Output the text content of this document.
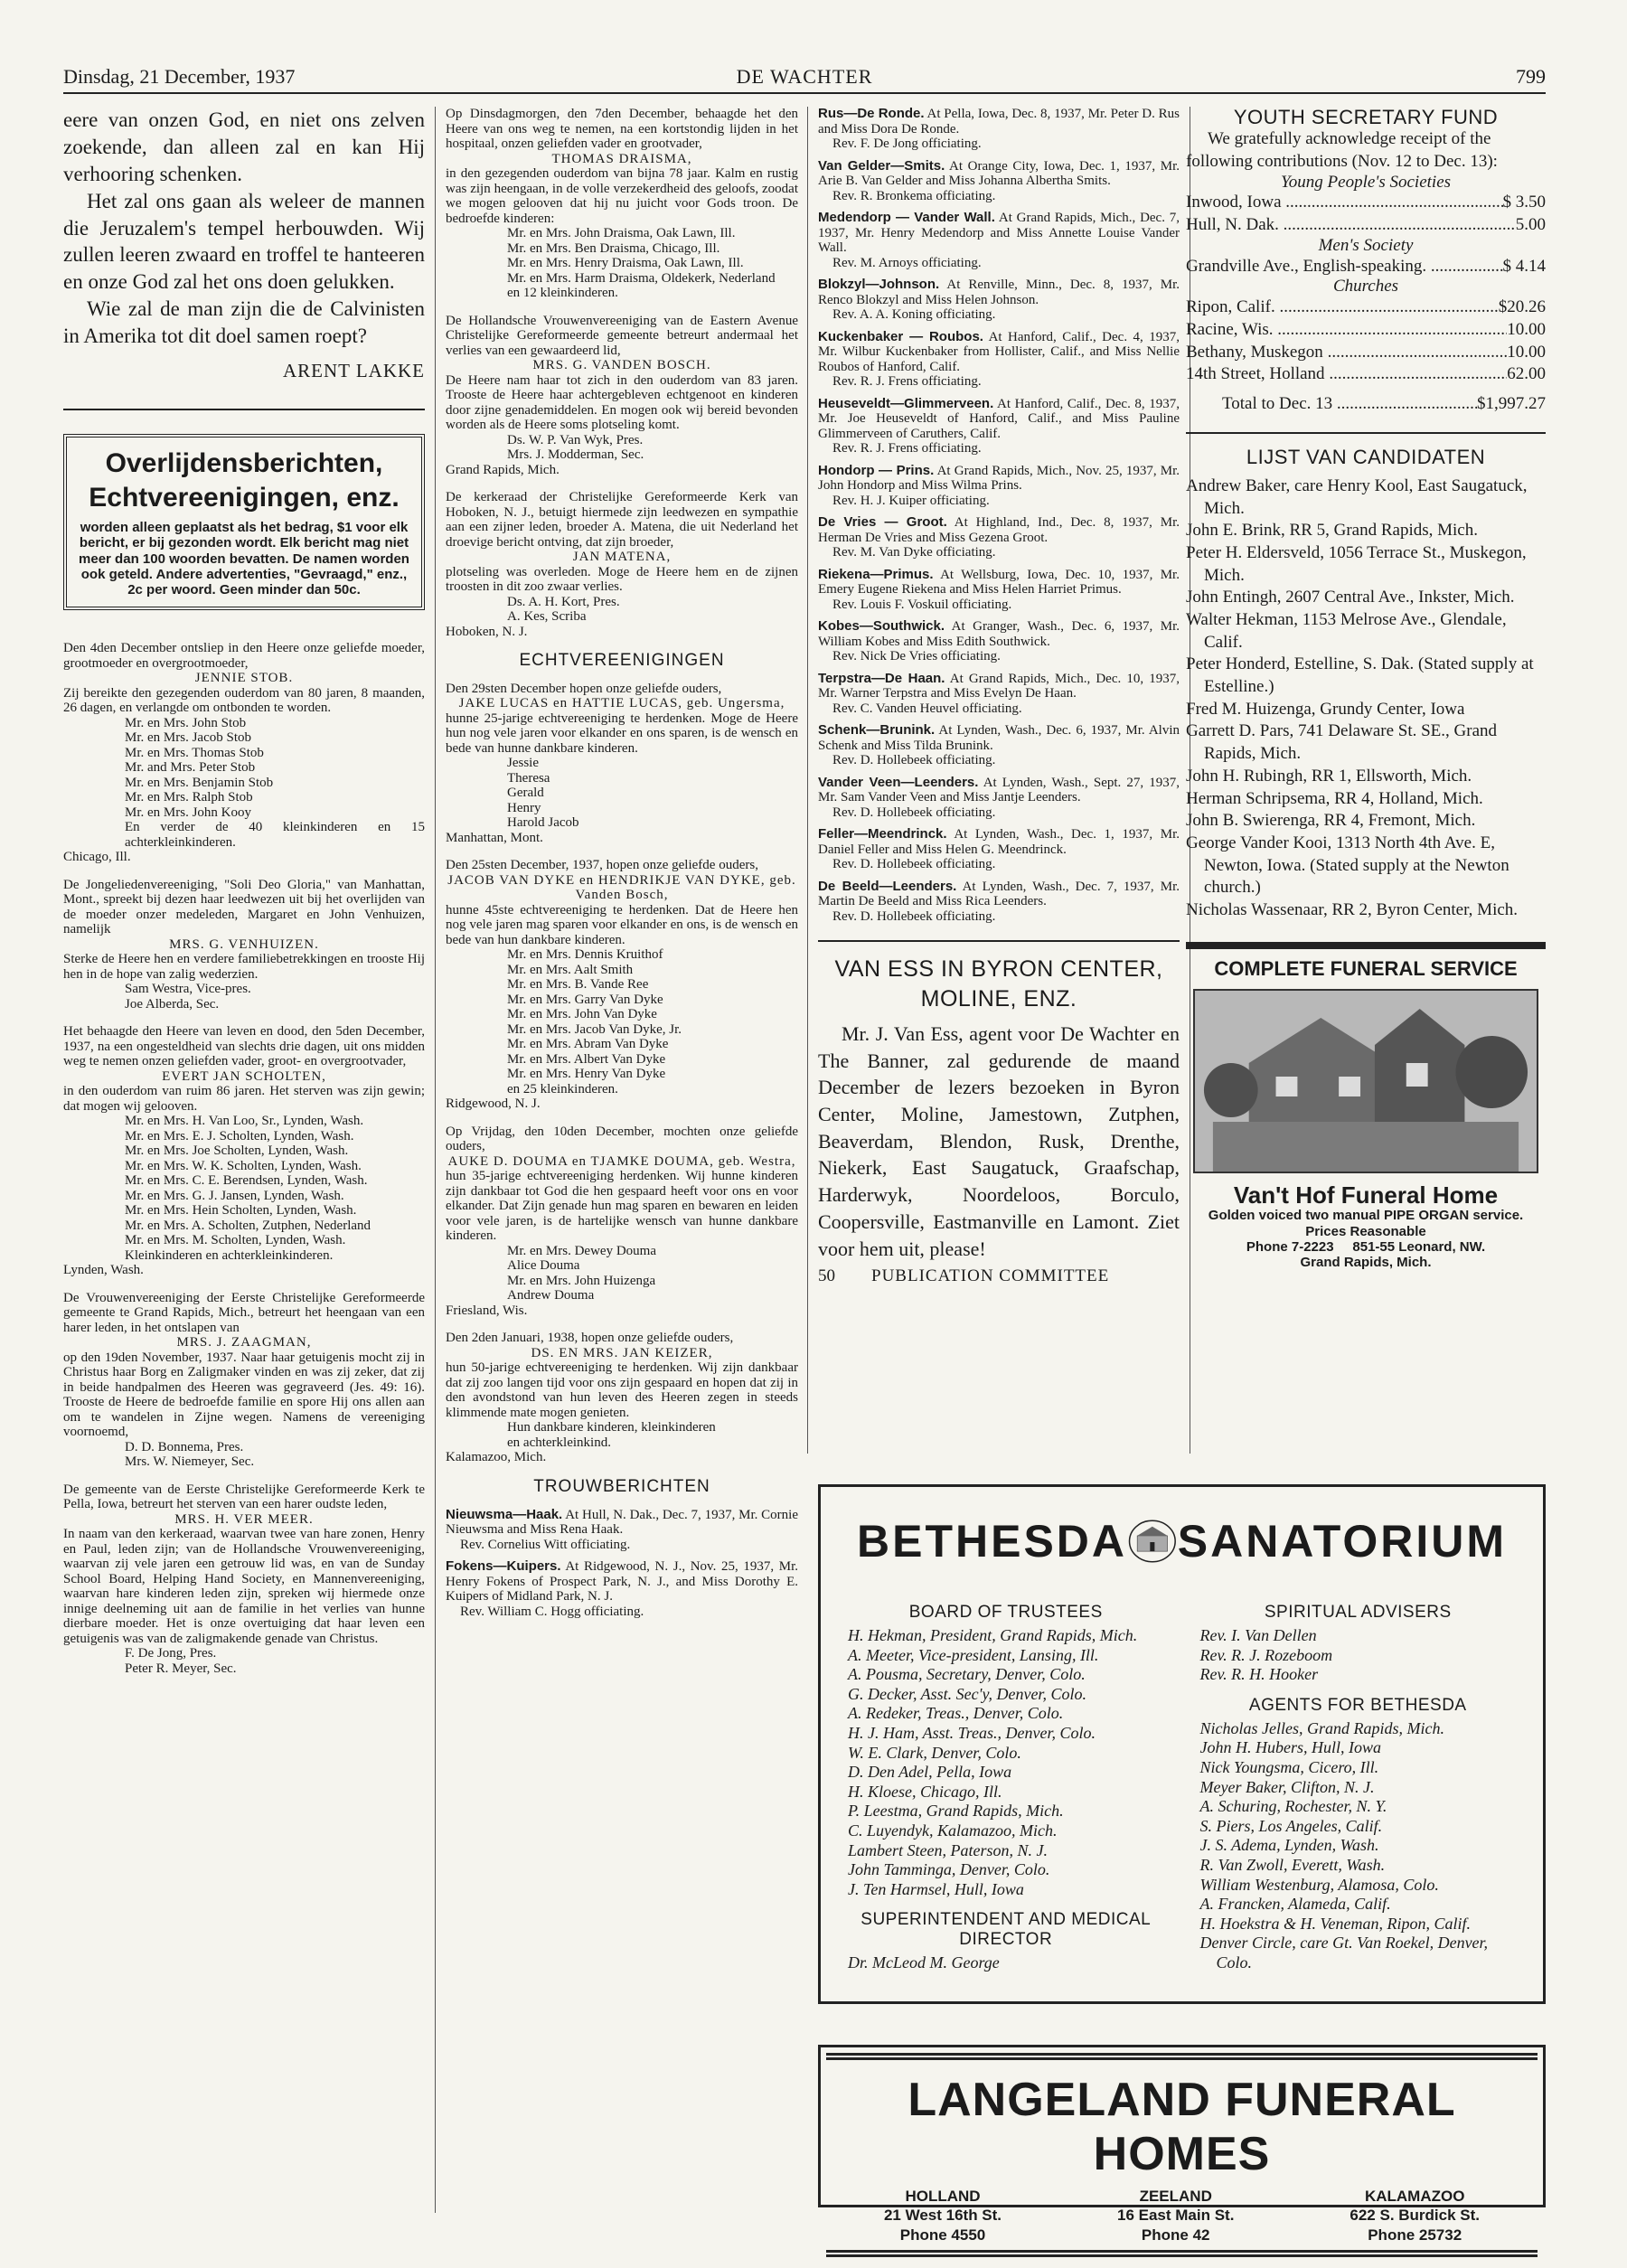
Dinsdag, 21 December, 1937	DE WACHTER	799

eere van onzen God, en niet ons zelven zoekende, dan alleen zal en kan Hij verhooring schenken.

Het zal ons gaan als weleer de mannen die Jeruzalem's tempel herbouwden. Wij zullen leeren zwaard en troffel te hanteeren en onze God zal het ons doen gelukken.

Wie zal de man zijn die de Calvinisten in Amerika tot dit doel samen roept?

ARENT LAKKE
Overlijdensberichten, Echtvereenigingen, enz.
worden alleen geplaatst als het bedrag, $1 voor elk bericht, er bij gezonden wordt. Elk bericht mag niet meer dan 100 woorden bevatten. De namen worden ook geteld. Andere advertenties, "Gevraagd," enz., 2c per woord. Geen minder dan 50c.
Den 4den December ontsliep in den Heere onze geliefde moeder, grootmoeder en overgrootmoeder,
JENNIE STOB.
Zij bereikte den gezegenden ouderdom van 80 jaren, 8 maanden, 26 dagen, en verlangde om ontbonden te worden.
Mr. en Mrs. John Stob
Mr. en Mrs. Jacob Stob
Mr. en Mrs. Thomas Stob
Mr. and Mrs. Peter Stob
Mr. en Mrs. Benjamin Stob
Mr. en Mrs. Ralph Stob
Mr. en Mrs. John Kooy
En verder de 40 kleinkinderen en 15 achterkleinkinderen.
Chicago, Ill.
De Jongeliedenvereeniging, "Soli Deo Gloria," van Manhattan, Mont., spreekt bij dezen haar leedwezen uit bij het overlijden van de moeder onzer medeleden, Margaret en John Venhuizen, namelijk
MRS. G. VENHUIZEN.
Sterke de Heere hen en verdere familiebetrekkingen en trooste Hij hen in de hope van zalig wederzien.
Sam Westra, Vice-pres.
Joe Alberda, Sec.
Het behaagde den Heere van leven en dood, den 5den December, 1937, na een ongesteldheid van slechts drie dagen, uit ons midden weg te nemen onzen geliefden vader, groot- en overgrootvader,
EVERT JAN SCHOLTEN,
in den ouderdom van ruim 86 jaren. Het sterven was zijn gewin; dat mogen wij gelooven.
Mr. en Mrs. H. Van Loo, Sr., Lynden, Wash.
Mr. en Mrs. E. J. Scholten, Lynden, Wash.
Mr. en Mrs. Joe Scholten, Lynden, Wash.
Mr. en Mrs. W. K. Scholten, Lynden, Wash.
Mr. en Mrs. C. E. Berendsen, Lynden, Wash.
Mr. en Mrs. G. J. Jansen, Lynden, Wash.
Mr. en Mrs. Hein Scholten, Lynden, Wash.
Mr. en Mrs. A. Scholten, Zutphen, Nederland
Mr. en Mrs. M. Scholten, Lynden, Wash.
Kleinkinderen en achterkleinkinderen.
Lynden, Wash.
De Vrouwenvereeniging der Eerste Christelijke Gereformeerde gemeente te Grand Rapids, Mich., betreurt het heengaan van een harer leden, in het ontslapen van
MRS. J. ZAAGMAN,
op den 19den November, 1937. Naar haar getuigenis mocht zij in Christus haar Borg en Zaligmaker vinden en was zij zeker, dat zij in beide handpalmen des Heeren was gegraveerd (Jes. 49: 16). Trooste de Heere de bedroefde familie en spore Hij ons allen aan om te wandelen in Zijne wegen. Namens de vereeniging voornoemd,
D. D. Bonnema, Pres.
Mrs. W. Niemeyer, Sec.
De gemeente van de Eerste Christelijke Gereformeerde Kerk te Pella, Iowa, betreurt het sterven van een harer oudste leden,
MRS. H. VER MEER.
In naam van den kerkeraad, waarvan twee van hare zonen, Henry en Paul, leden zijn; van de Hollandsche Vrouwenvereeniging, waarvan zij vele jaren een getrouw lid was, en van de Sunday School Board, Helping Hand Society, en Mannenvereeniging, waarvan hare kinderen leden zijn, spreken wij hiermede onze innige deelneming uit aan de familie in het verlies van hunne dierbare moeder. Het is onze overtuiging dat haar leven een getuigenis was van de zaligmakende genade van Christus.
F. De Jong, Pres.
Peter R. Meyer, Sec.
Op Dinsdagmorgen, den 7den December, behaagde het den Heere van ons weg te nemen, na een kortstondig lijden in het hospitaal, onzen geliefden vader en grootvader,
THOMAS DRAISMA,
in den gezegenden ouderdom van bijna 78 jaar. Kalm en rustig was zijn heengaan, in de volle verzekerdheid des geloofs, zoodat we mogen gelooven dat hij nu juicht voor Gods troon. De bedroefde kinderen:
Mr. en Mrs. John Draisma, Oak Lawn, Ill.
Mr. en Mrs. Ben Draisma, Chicago, Ill.
Mr. en Mrs. Henry Draisma, Oak Lawn, Ill.
Mr. en Mrs. Harm Draisma, Oldekerk, Nederland
en 12 kleinkinderen.
De Hollandsche Vrouwenvereeniging van de Eastern Avenue Christelijke Gereformeerde gemeente betreurt andermaal het verlies van een gewaardeerd lid,
MRS. G. VANDEN BOSCH.
De Heere nam haar tot zich in den ouderdom van 83 jaren. Trooste de Heere haar achtergebleven echtgenoot en kinderen door zijne genademiddelen. En mogen ook wij bereid bevonden worden als de Heere soms plotseling komt.
Ds. W. P. Van Wyk, Pres.
Mrs. J. Modderman, Sec.
Grand Rapids, Mich.
De kerkeraad der Christelijke Gereformeerde Kerk van Hoboken, N. J., betuigt hiermede zijn leedwezen en sympathie aan een zijner leden, broeder A. Matena, die uit Nederland het droevige bericht ontving, dat zijn broeder,
JAN MATENA,
plotseling was overleden. Moge de Heere hem en de zijnen troosten in dit zoo zwaar verlies.
Ds. A. H. Kort, Pres.
A. Kes, Scriba
Hoboken, N. J.
ECHTVEREENIGINGEN
Den 29sten December hopen onze geliefde ouders,
JAKE LUCAS en HATTIE LUCAS, geb. Ungersma,
hunne 25-jarige echtvereeniging te herdenken. Moge de Heere hun nog vele jaren voor elkander en ons sparen, is de wensch en bede van hunne dankbare kinderen.
Jessie
Theresa
Gerald
Henry
Harold Jacob
Manhattan, Mont.
Den 25sten December, 1937, hopen onze geliefde ouders,
JACOB VAN DYKE en HENDRIKJE VAN DYKE, geb. Vanden Bosch,
hunne 45ste echtvereeniging te herdenken. Dat de Heere hen nog vele jaren mag sparen voor elkander en ons, is de wensch en bede van hun dankbare kinderen.
Mr. en Mrs. Dennis Kruithof
Mr. en Mrs. Aalt Smith
Mr. en Mrs. B. Vande Ree
Mr. en Mrs. Garry Van Dyke
Mr. en Mrs. John Van Dyke
Mr. en Mrs. Jacob Van Dyke, Jr.
Mr. en Mrs. Abram Van Dyke
Mr. en Mrs. Albert Van Dyke
Mr. en Mrs. Henry Van Dyke
en 25 kleinkinderen.
Ridgewood, N. J.
Op Vrijdag, den 10den December, mochten onze geliefde ouders,
AUKE D. DOUMA en TJAMKE DOUMA, geb. Westra,
hun 35-jarige echtvereeniging herdenken. Wij hunne kinderen zijn dankbaar tot God die hen gespaard heeft voor ons en voor elkander. Dat Zijn genade hun mag sparen en bewaren en leiden voor vele jaren, is de hartelijke wensch van hunne dankbare kinderen.
Mr. en Mrs. Dewey Douma
Alice Douma
Mr. en Mrs. John Huizenga
Andrew Douma
Friesland, Wis.
Den 2den Januari, 1938, hopen onze geliefde ouders,
DS. EN MRS. JAN KEIZER,
hun 50-jarige echtvereeniging te herdenken. Wij zijn dankbaar dat zij zoo langen tijd voor ons zijn gespaard en hopen dat zij in den avondstond van hun leven des Heeren zegen in steeds klimmende mate mogen genieten.
Hun dankbare kinderen, kleinkinderen
en achterkleinkind.
Kalamazoo, Mich.
TROUWBERICHTEN
Nieuwsma—Haak. At Hull, N. Dak., Dec. 7, 1937, Mr. Cornie Nieuwsma and Miss Rena Haak.
Rev. Cornelius Witt officiating.
Fokens—Kuipers. At Ridgewood, N. J., Nov. 25, 1937, Mr. Henry Fokens of Prospect Park, N. J., and Miss Dorothy E. Kuipers of Midland Park, N. J.
Rev. William C. Hogg officiating.
Rus—De Ronde. At Pella, Iowa, Dec. 8, 1937, Mr. Peter D. Rus and Miss Dora De Ronde.
Rev. F. De Jong officiating.
Van Gelder—Smits. At Orange City, Iowa, Dec. 1, 1937, Mr. Arie B. Van Gelder and Miss Johanna Albertha Smits.
Rev. R. Bronkema officiating.
Medendorp — Vander Wall. At Grand Rapids, Mich., Dec. 7, 1937, Mr. Henry Medendorp and Miss Annette Louise Vander Wall.
Rev. M. Arnoys officiating.
Blokzyl—Johnson. At Renville, Minn., Dec. 8, 1937, Mr. Renco Blokzyl and Miss Helen Johnson.
Rev. A. A. Koning officiating.
Kuckenbaker — Roubos. At Hanford, Calif., Dec. 4, 1937, Mr. Wilbur Kuckenbaker from Hollister, Calif., and Miss Nellie Roubos of Hanford, Calif.
Rev. R. J. Frens officiating.
Heuseveldt—Glimmerveen. At Hanford, Calif., Dec. 8, 1937, Mr. Joe Heuseveldt of Hanford, Calif., and Miss Pauline Glimmerveen of Caruthers, Calif.
Rev. R. J. Frens officiating.
Hondorp — Prins. At Grand Rapids, Mich., Nov. 25, 1937, Mr. John Hondorp and Miss Wilma Prins.
Rev. H. J. Kuiper officiating.
De Vries — Groot. At Highland, Ind., Dec. 8, 1937, Mr. Herman De Vries and Miss Gezena Groot.
Rev. M. Van Dyke officiating.
Riekena—Primus. At Wellsburg, Iowa, Dec. 10, 1937, Mr. Emery Eugene Riekena and Miss Helen Harriet Primus.
Rev. Louis F. Voskuil officiating.
Kobes—Southwick. At Granger, Wash., Dec. 6, 1937, Mr. William Kobes and Miss Edith Southwick.
Rev. Nick De Vries officiating.
Terpstra—De Haan. At Grand Rapids, Mich., Dec. 10, 1937, Mr. Warner Terpstra and Miss Evelyn De Haan.
Rev. C. Vanden Heuvel officiating.
Schenk—Brunink. At Lynden, Wash., Dec. 6, 1937, Mr. Alvin Schenk and Miss Tilda Brunink.
Rev. D. Hollebeek officiating.
Vander Veen—Leenders. At Lynden, Wash., Sept. 27, 1937, Mr. Sam Vander Veen and Miss Jantje Leenders.
Rev. D. Hollebeek officiating.
Feller—Meendrinck. At Lynden, Wash., Dec. 1, 1937, Mr. Daniel Feller and Miss Helen G. Meendrinck.
Rev. D. Hollebeek officiating.
De Beeld—Leenders. At Lynden, Wash., Dec. 7, 1937, Mr. Martin De Beeld and Miss Rica Leenders.
Rev. D. Hollebeek officiating.
VAN ESS IN BYRON CENTER, MOLINE, ENZ.
Mr. J. Van Ess, agent voor De Wachter en The Banner, zal gedurende de maand December de lezers bezoeken in Byron Center, Moline, Jamestown, Zutphen, Beaverdam, Blendon, Rusk, Drenthe, Niekerk, East Saugatuck, Graafschap, Harderwyk, Noordeloos, Borculo, Coopersville, Eastmanville en Lamont. Ziet voor hem uit, please!
50 PUBLICATION COMMITTEE
YOUTH SECRETARY FUND
We gratefully acknowledge receipt of the following contributions (Nov. 12 to Dec. 13):
Young People's Societies
Inwood, Iowa .....	$ 3.50
Hull, N. Dak. .....	5.00
Men's Society
Grandville Ave., English-speaking. .....	$ 4.14
Churches
Ripon, Calif. .....	$20.26
Racine, Wis. .....	10.00
Bethany, Muskegon .....	10.00
14th Street, Holland .....	62.00
Total to Dec. 13 .....	$1,997.27
LIJST VAN CANDIDATEN
Andrew Baker, care Henry Kool, East Saugatuck, Mich.
John E. Brink, RR 5, Grand Rapids, Mich.
Peter H. Eldersveld, 1056 Terrace St., Muskegon, Mich.
John Entingh, 2607 Central Ave., Inkster, Mich.
Walter Hekman, 1153 Melrose Ave., Glendale, Calif.
Peter Honderd, Estelline, S. Dak. (Stated supply at Estelline.)
Fred M. Huizenga, Grundy Center, Iowa
Garrett D. Pars, 741 Delaware St. SE., Grand Rapids, Mich.
John H. Rubingh, RR 1, Ellsworth, Mich.
Herman Schripsema, RR 4, Holland, Mich.
John B. Swierenga, RR 4, Fremont, Mich.
George Vander Kooi, 1313 North 4th Ave. E, Newton, Iowa. (Stated supply at the Newton church.)
Nicholas Wassenaar, RR 2, Byron Center, Mich.
COMPLETE FUNERAL SERVICE
Van't Hof Funeral Home
Golden voiced two manual PIPE ORGAN service.
Prices Reasonable
Phone 7-2223     851-55 Leonard, NW.
Grand Rapids, Mich.
BETHESDA SANATORIUM
BOARD OF TRUSTEES
H. Hekman, President, Grand Rapids, Mich.
A. Meeter, Vice-president, Lansing, Ill.
A. Pousma, Secretary, Denver, Colo.
G. Decker, Asst. Sec'y, Denver, Colo.
A. Redeker, Treas., Denver, Colo.
H. J. Ham, Asst. Treas., Denver, Colo.
W. E. Clark, Denver, Colo.
D. Den Adel, Pella, Iowa
H. Kloese, Chicago, Ill.
P. Leestma, Grand Rapids, Mich.
C. Luyendyk, Kalamazoo, Mich.
Lambert Steen, Paterson, N. J.
John Tamminga, Denver, Colo.
J. Ten Harmsel, Hull, Iowa
SUPERINTENDENT AND MEDICAL DIRECTOR
Dr. McLeod M. George
SPIRITUAL ADVISERS
Rev. I. Van Dellen
Rev. R. J. Rozeboom
Rev. R. H. Hooker
AGENTS FOR BETHESDA
Nicholas Jelles, Grand Rapids, Mich.
John H. Hubers, Hull, Iowa
Nick Youngsma, Cicero, Ill.
Meyer Baker, Clifton, N. J.
A. Schuring, Rochester, N. Y.
S. Piers, Los Angeles, Calif.
J. S. Adema, Lynden, Wash.
R. Van Zwoll, Everett, Wash.
William Westenburg, Alamosa, Colo.
A. Francken, Alameda, Calif.
H. Hoekstra & H. Veneman, Ripon, Calif.
Denver Circle, care Gt. Van Roekel, Denver, Colo.
LANGELAND FUNERAL HOMES
HOLLAND
21 West 16th St.
Phone 4550
ZEELAND
16 East Main St.
Phone 42
KALAMAZOO
622 S. Burdick St.
Phone 25732
